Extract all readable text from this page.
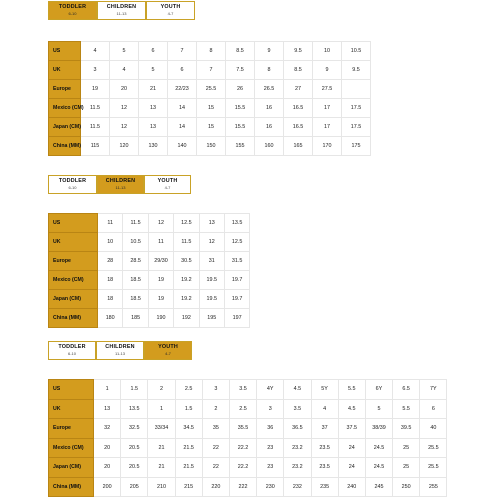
TODDLER
6-10
CHILDREN
11-13
YOUTH
4-7
US	4	5	6	7	8	8.5	9	9.5	10	10.5
UK	3	4	5	6	7	7.5	8	8.5	9	9.5
Europe	19	20	21	22/23	25.5	26	26.5	27	27.5	
Mexico (CM)	11.5	12	13	14	15	15.5	16	16.5	17	17.5
Japan (CM)	11.5	12	13	14	15	15.5	16	16.5	17	17.5
China (MM)	115	120	130	140	150	155	160	165	170	175
TODDLER
6-10
CHILDREN
11-13
YOUTH
4-7
US	11	11.5	12	12.5	13	13.5
UK	10	10.5	11	11.5	12	12.5
Europe	28	28.5	29/30	30.5	31	31.5
Mexico (CM)	18	18.5	19	19.2	19.5	19.7
Japan (CM)	18	18.5	19	19.2	19.5	19.7
China (MM)	180	185	190	192	195	197
TODDLER
6-10
CHILDREN
11-13
YOUTH
4-7
US	1	1.5	2	2.5	3	3.5	4Y	4.5	5Y	5.5	6Y	6.5	7Y
UK	13	13.5	1	1.5	2	2.5	3	3.5	4	4.5	5	5.5	6
Europe	32	32.5	33/34	34.5	35	35.5	36	36.5	37	37.5	38/39	39.5	40
Mexico (CM)	20	20.5	21	21.5	22	22.2	23	23.2	23.5	24	24.5	25	25.5
Japan (CM)	20	20.5	21	21.5	22	22.2	23	23.2	23.5	24	24.5	25	25.5
China (MM)	200	205	210	215	220	222	230	232	235	240	245	250	255
